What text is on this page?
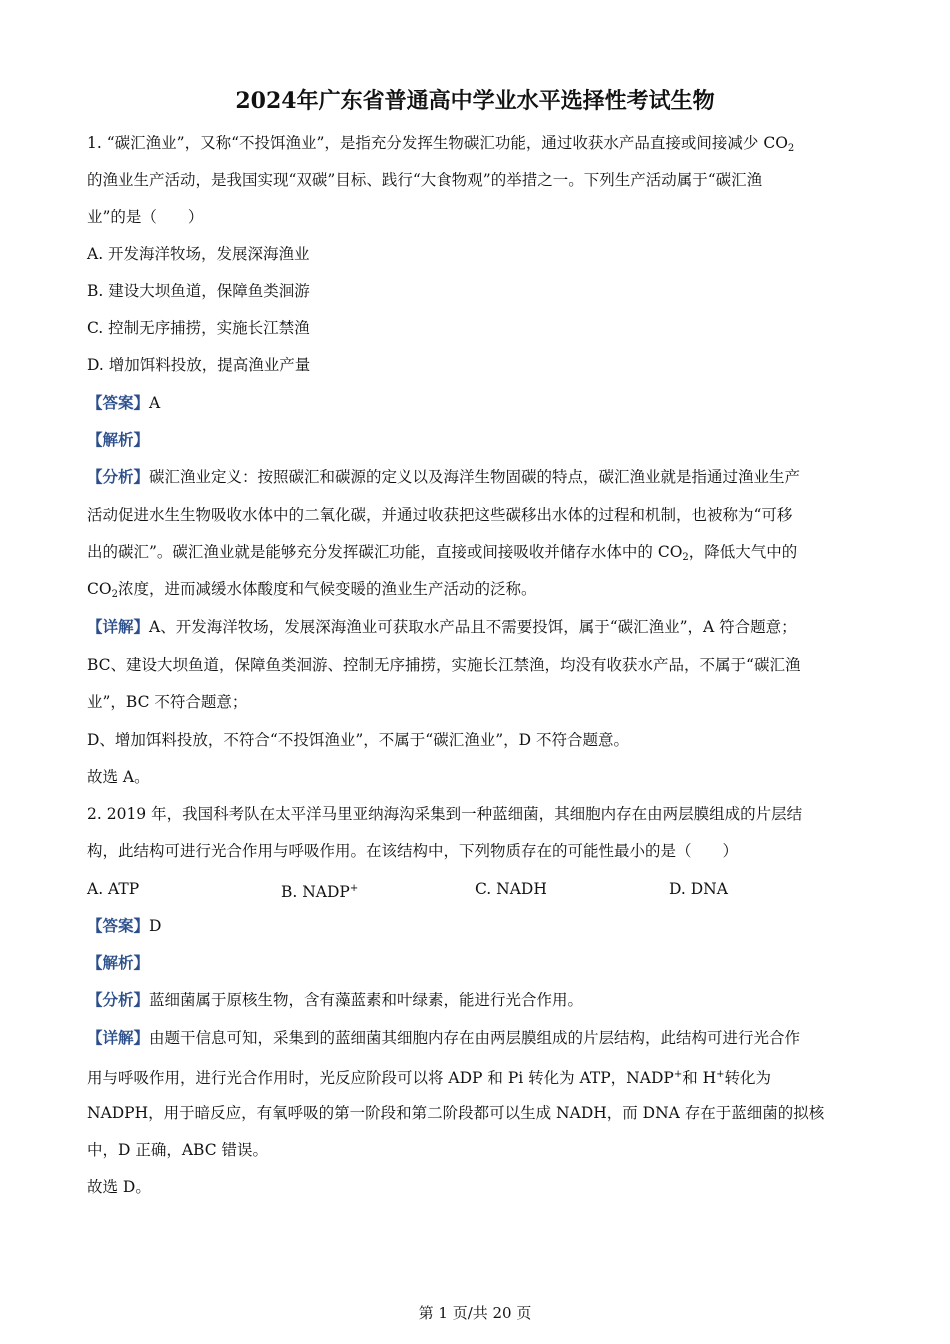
2024年广东省普通高中学业水平选择性考试生物
1. “碳汇渔业”，又称“不投饵渔业”，是指充分发挥生物碳汇功能，通过收获水产品直接或间接减少 $CO_2$
的渔业生产活动，是我国实现“双碳”目标、践行“大食物观”的举措之一。下列生产活动属于“碳汇渔
业”的是（　　）
A. 开发海洋牧场，发展深海渔业
B. 建设大坝鱼道，保障鱼类洄游
C. 控制无序捕捞，实施长江禁渔
D. 增加饵料投放，提高渔业产量
【答案】A
【解析】
【分析】碳汇渔业定义：按照碳汇和碳源的定义以及海洋生物固碳的特点，碳汇渔业就是指通过渔业生产
活动促进水生生物吸收水体中的二氧化碳，并通过收获把这些碳移出水体的过程和机制，也被称为“可移
出的碳汇”。碳汇渔业就是能够充分发挥碳汇功能，直接或间接吸收并储存水体中的 $CO_2$，降低大气中的
$CO_2$浓度，进而减缓水体酸度和气候变暖的渔业生产活动的泛称。
【详解】A、开发海洋牧场，发展深海渔业可获取水产品且不需要投饵，属于“碳汇渔业”，A 符合题意；
BC、建设大坝鱼道，保障鱼类洄游、控制无序捕捞，实施长江禁渔，均没有收获水产品，不属于“碳汇渔
业”，BC 不符合题意；
D、增加饵料投放，不符合“不投饵渔业”，不属于“碳汇渔业”，D 不符合题意。
故选 A。
2. 2019 年，我国科考队在太平洋马里亚纳海沟采集到一种蓝细菌，其细胞内存在由两层膜组成的片层结
构，此结构可进行光合作用与呼吸作用。在该结构中，下列物质存在的可能性最小的是（　　）
A. ATP	B. NADP+	C. NADH	D. DNA
【答案】D
【解析】
【分析】蓝细菌属于原核生物，含有藻蓝素和叶绿素，能进行光合作用。
【详解】由题干信息可知，采集到的蓝细菌其细胞内存在由两层膜组成的片层结构，此结构可进行光合作
用与呼吸作用，进行光合作用时，光反应阶段可以将 ADP 和 Pi 转化为 ATP，NADP+和 H+转化为
NADPH，用于暗反应，有氧呼吸的第一阶段和第二阶段都可以生成 NADH，而 DNA 存在于蓝细菌的拟核
中，D 正确，ABC 错误。
故选 D。
第 1 页/共 20 页
